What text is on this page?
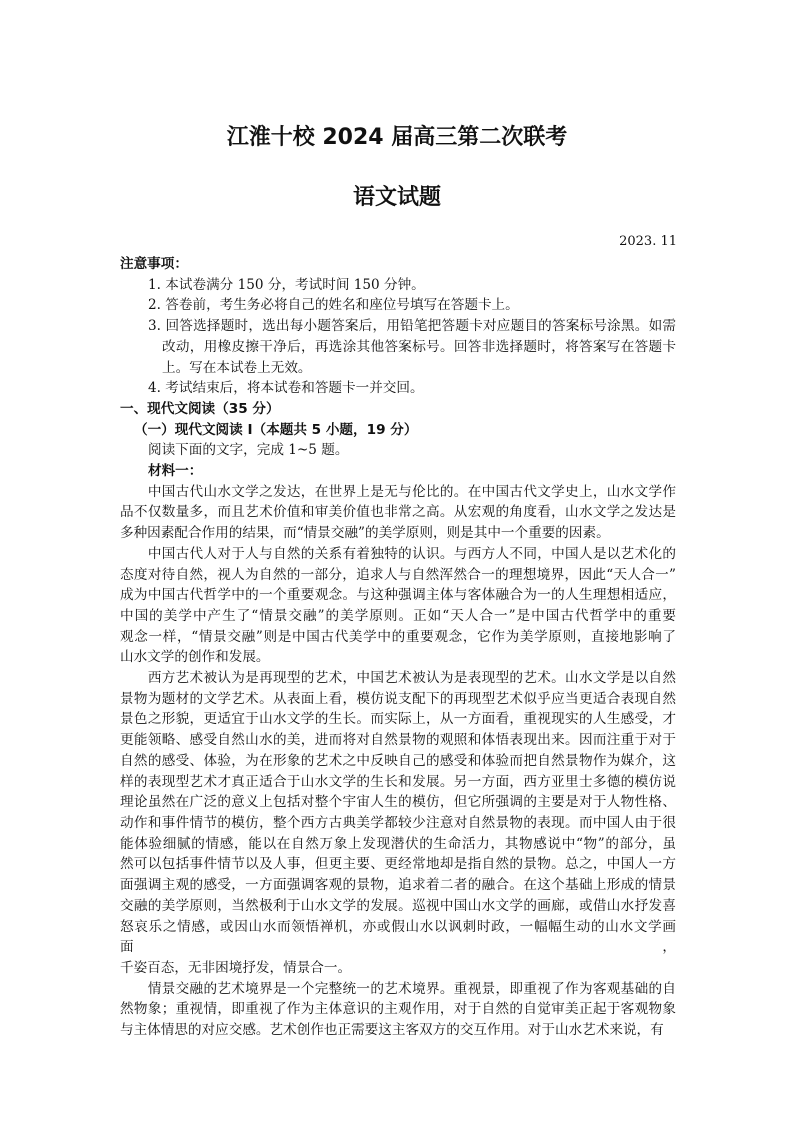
江淮十校 2024 届高三第二次联考
语文试题
2023. 11
注意事项：
1. 本试卷满分 150 分，考试时间 150 分钟。
2. 答卷前，考生务必将自己的姓名和座位号填写在答题卡上。
3. 回答选择题时，选出每小题答案后，用铅笔把答题卡对应题目的答案标号涂黑。如需
改动，用橡皮擦干净后，再选涂其他答案标号。回答非选择题时，将答案写在答题卡
上。写在本试卷上无效。
4. 考试结束后，将本试卷和答题卡一并交回。
一、现代文阅读（35 分）
（一）现代文阅读 I（本题共 5 小题，19 分）
阅读下面的文字，完成 1~5 题。
材料一：
　　中国古代山水文学之发达，在世界上是无与伦比的。在中国古代文学史上，山水文学作
品不仅数量多，而且艺术价值和审美价值也非常之高。从宏观的角度看，山水文学之发达是
多种因素配合作用的结果，而“情景交融”的美学原则，则是其中一个重要的因素。
　　中国古代人对于人与自然的关系有着独特的认识。与西方人不同，中国人是以艺术化的
态度对待自然，视人为自然的一部分，追求人与自然浑然合一的理想境界，因此“天人合一”
成为中国古代哲学中的一个重要观念。与这种强调主体与客体融合为一的人生理想相适应，
中国的美学中产生了“情景交融”的美学原则。正如“天人合一”是中国古代哲学中的重要
观念一样，“情景交融”则是中国古代美学中的重要观念，它作为美学原则，直接地影响了
山水文学的创作和发展。
　　西方艺术被认为是再现型的艺术，中国艺术被认为是表现型的艺术。山水文学是以自然
景物为题材的文学艺术。从表面上看，模仿说支配下的再现型艺术似乎应当更适合表现自然
景色之形貌，更适宜于山水文学的生长。而实际上，从一方面看，重视现实的人生感受，才
更能领略、感受自然山水的美，进而将对自然景物的观照和体悟表现出来。因而注重于对于
自然的感受、体验，为在形象的艺术之中反映自己的感受和体验而把自然景物作为媒介，这
样的表现型艺术才真正适合于山水文学的生长和发展。另一方面，西方亚里士多德的模仿说
理论虽然在广泛的意义上包括对整个宇宙人生的模仿，但它所强调的主要是对于人物性格、
动作和事件情节的模仿，整个西方古典美学都较少注意对自然景物的表现。而中国人由于很
能体验细腻的情感，能以在自然万象上发现潜伏的生命活力，其物感说中“物”的部分，虽
然可以包括事件情节以及人事，但更主要、更经常地却是指自然的景物。总之，中国人一方
面强调主观的感受，一方面强调客观的景物，追求着二者的融合。在这个基础上形成的情景
交融的美学原则，当然极利于山水文学的发展。巡视中国山水文学的画廊，或借山水抒发喜
怒哀乐之情感，或因山水而领悟禅机，亦或假山水以讽刺时政，一幅幅生动的山水文学画面，
千姿百态，无非困境抒发，情景合一。
　　情景交融的艺术境界是一个完整统一的艺术境界。重视景，即重视了作为客观基础的自
然物象；重视情，即重视了作为主体意识的主观作用，对于自然的自觉审美正起于客观物象
与主体情思的对应交感。艺术创作也正需要这主客双方的交互作用。对于山水艺术来说，有
